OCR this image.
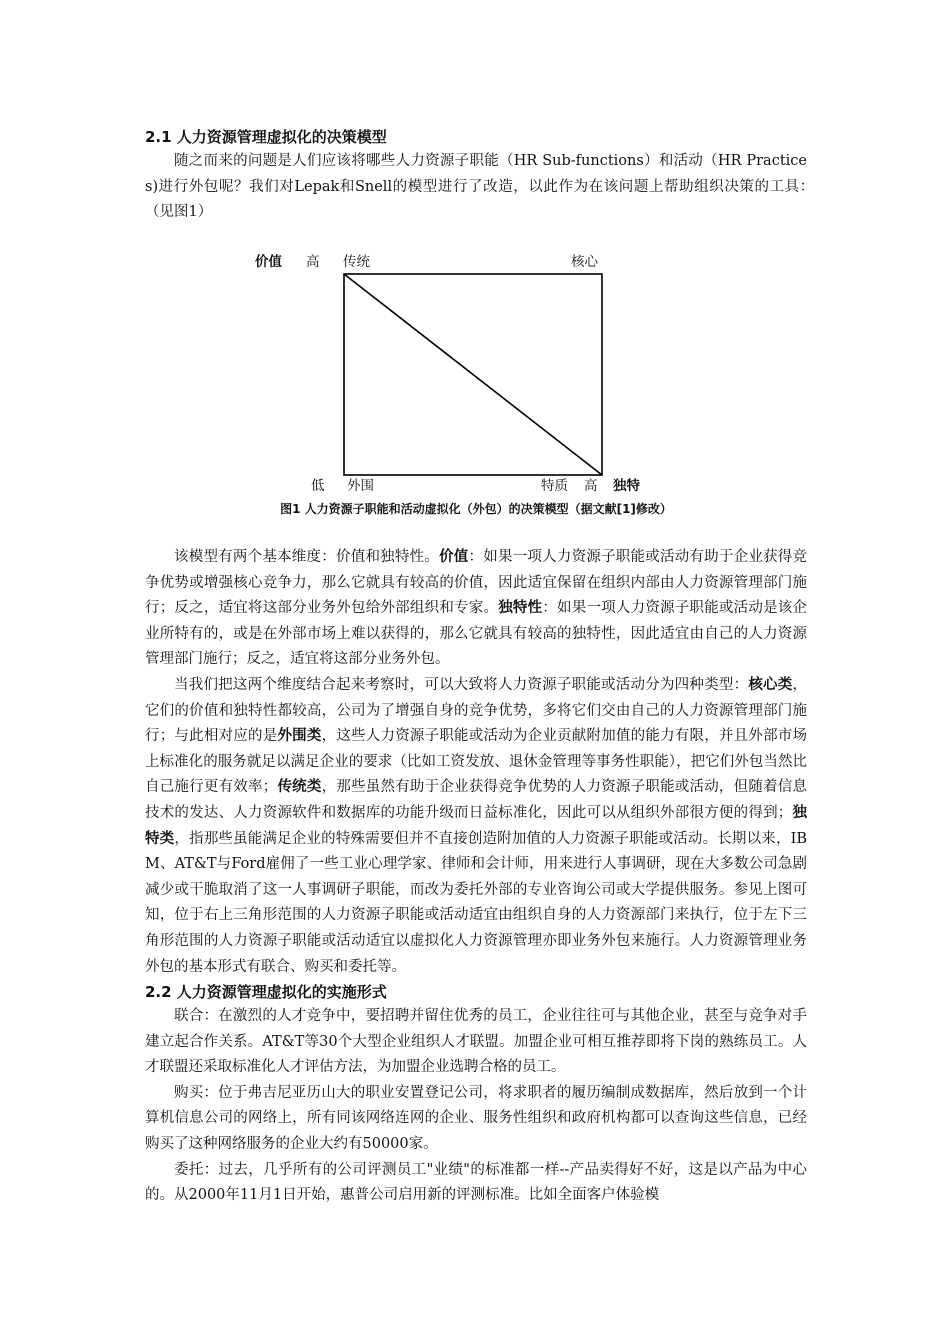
2.1 人力资源管理虚拟化的决策模型

随之而来的问题是人们应该将哪些人力资源子职能（HR Sub-functions）和活动（HR Practices)进行外包呢？我们对Lepak和Snell的模型进行了改造，以此作为在该问题上帮助组织决策的工具：　（见图1）

价值 高 传统	核心
低 外围	特质 高 独特
图1 人力资源子职能和活动虚拟化（外包）的决策模型（据文献[1]修改）

该模型有两个基本维度：价值和独特性。价值：如果一项人力资源子职能或活动有助于企业获得竞争优势或增强核心竞争力，那么它就具有较高的价值，因此适宜保留在组织内部由人力资源管理部门施行；反之，适宜将这部分业务外包给外部组织和专家。独特性：如果一项人力资源子职能或活动是该企业所特有的，或是在外部市场上难以获得的，那么它就具有较高的独特性，因此适宜由自己的人力资源管理部门施行；反之，适宜将这部分业务外包。

当我们把这两个维度结合起来考察时，可以大致将人力资源子职能或活动分为四种类型：核心类，它们的价值和独特性都较高，公司为了增强自身的竞争优势，多将它们交由自己的人力资源管理部门施行；与此相对应的是外围类，这些人力资源子职能或活动为企业贡献附加值的能力有限，并且外部市场上标准化的服务就足以满足企业的要求（比如工资发放、退休金管理等事务性职能），把它们外包当然比自己施行更有效率；传统类，那些虽然有助于企业获得竞争优势的人力资源子职能或活动，但随着信息技术的发达、人力资源软件和数据库的功能升级而日益标准化，因此可以从组织外部很方便的得到；独特类，指那些虽能满足企业的特殊需要但并不直接创造附加值的人力资源子职能或活动。长期以来，IBM、AT&T与Ford雇佣了一些工业心理学家、律师和会计师，用来进行人事调研，现在大多数公司急剧减少或干脆取消了这一人事调研子职能，而改为委托外部的专业咨询公司或大学提供服务。参见上图可知，位于右上三角形范围的人力资源子职能或活动适宜由组织自身的人力资源部门来执行，位于左下三角形范围的人力资源子职能或活动适宜以虚拟化人力资源管理亦即业务外包来施行。人力资源管理业务外包的基本形式有联合、购买和委托等。

2.2 人力资源管理虚拟化的实施形式

联合：在激烈的人才竞争中，要招聘并留住优秀的员工，企业往往可与其他企业，甚至与竞争对手建立起合作关系。AT&T等30个大型企业组织人才联盟。加盟企业可相互推荐即将下岗的熟练员工。人才联盟还采取标准化人才评估方法，为加盟企业选聘合格的员工。

购买：位于弗吉尼亚历山大的职业安置登记公司，将求职者的履历编制成数据库，然后放到一个计算机信息公司的网络上，所有同该网络连网的企业、服务性组织和政府机构都可以查询这些信息，已经购买了这种网络服务的企业大约有50000家。

委托：过去，几乎所有的公司评测员工"业绩"的标准都一样--产品卖得好不好，这是以产品为中心的。从2000年11月1日开始，惠普公司启用新的评测标准。比如全面客户体验模
